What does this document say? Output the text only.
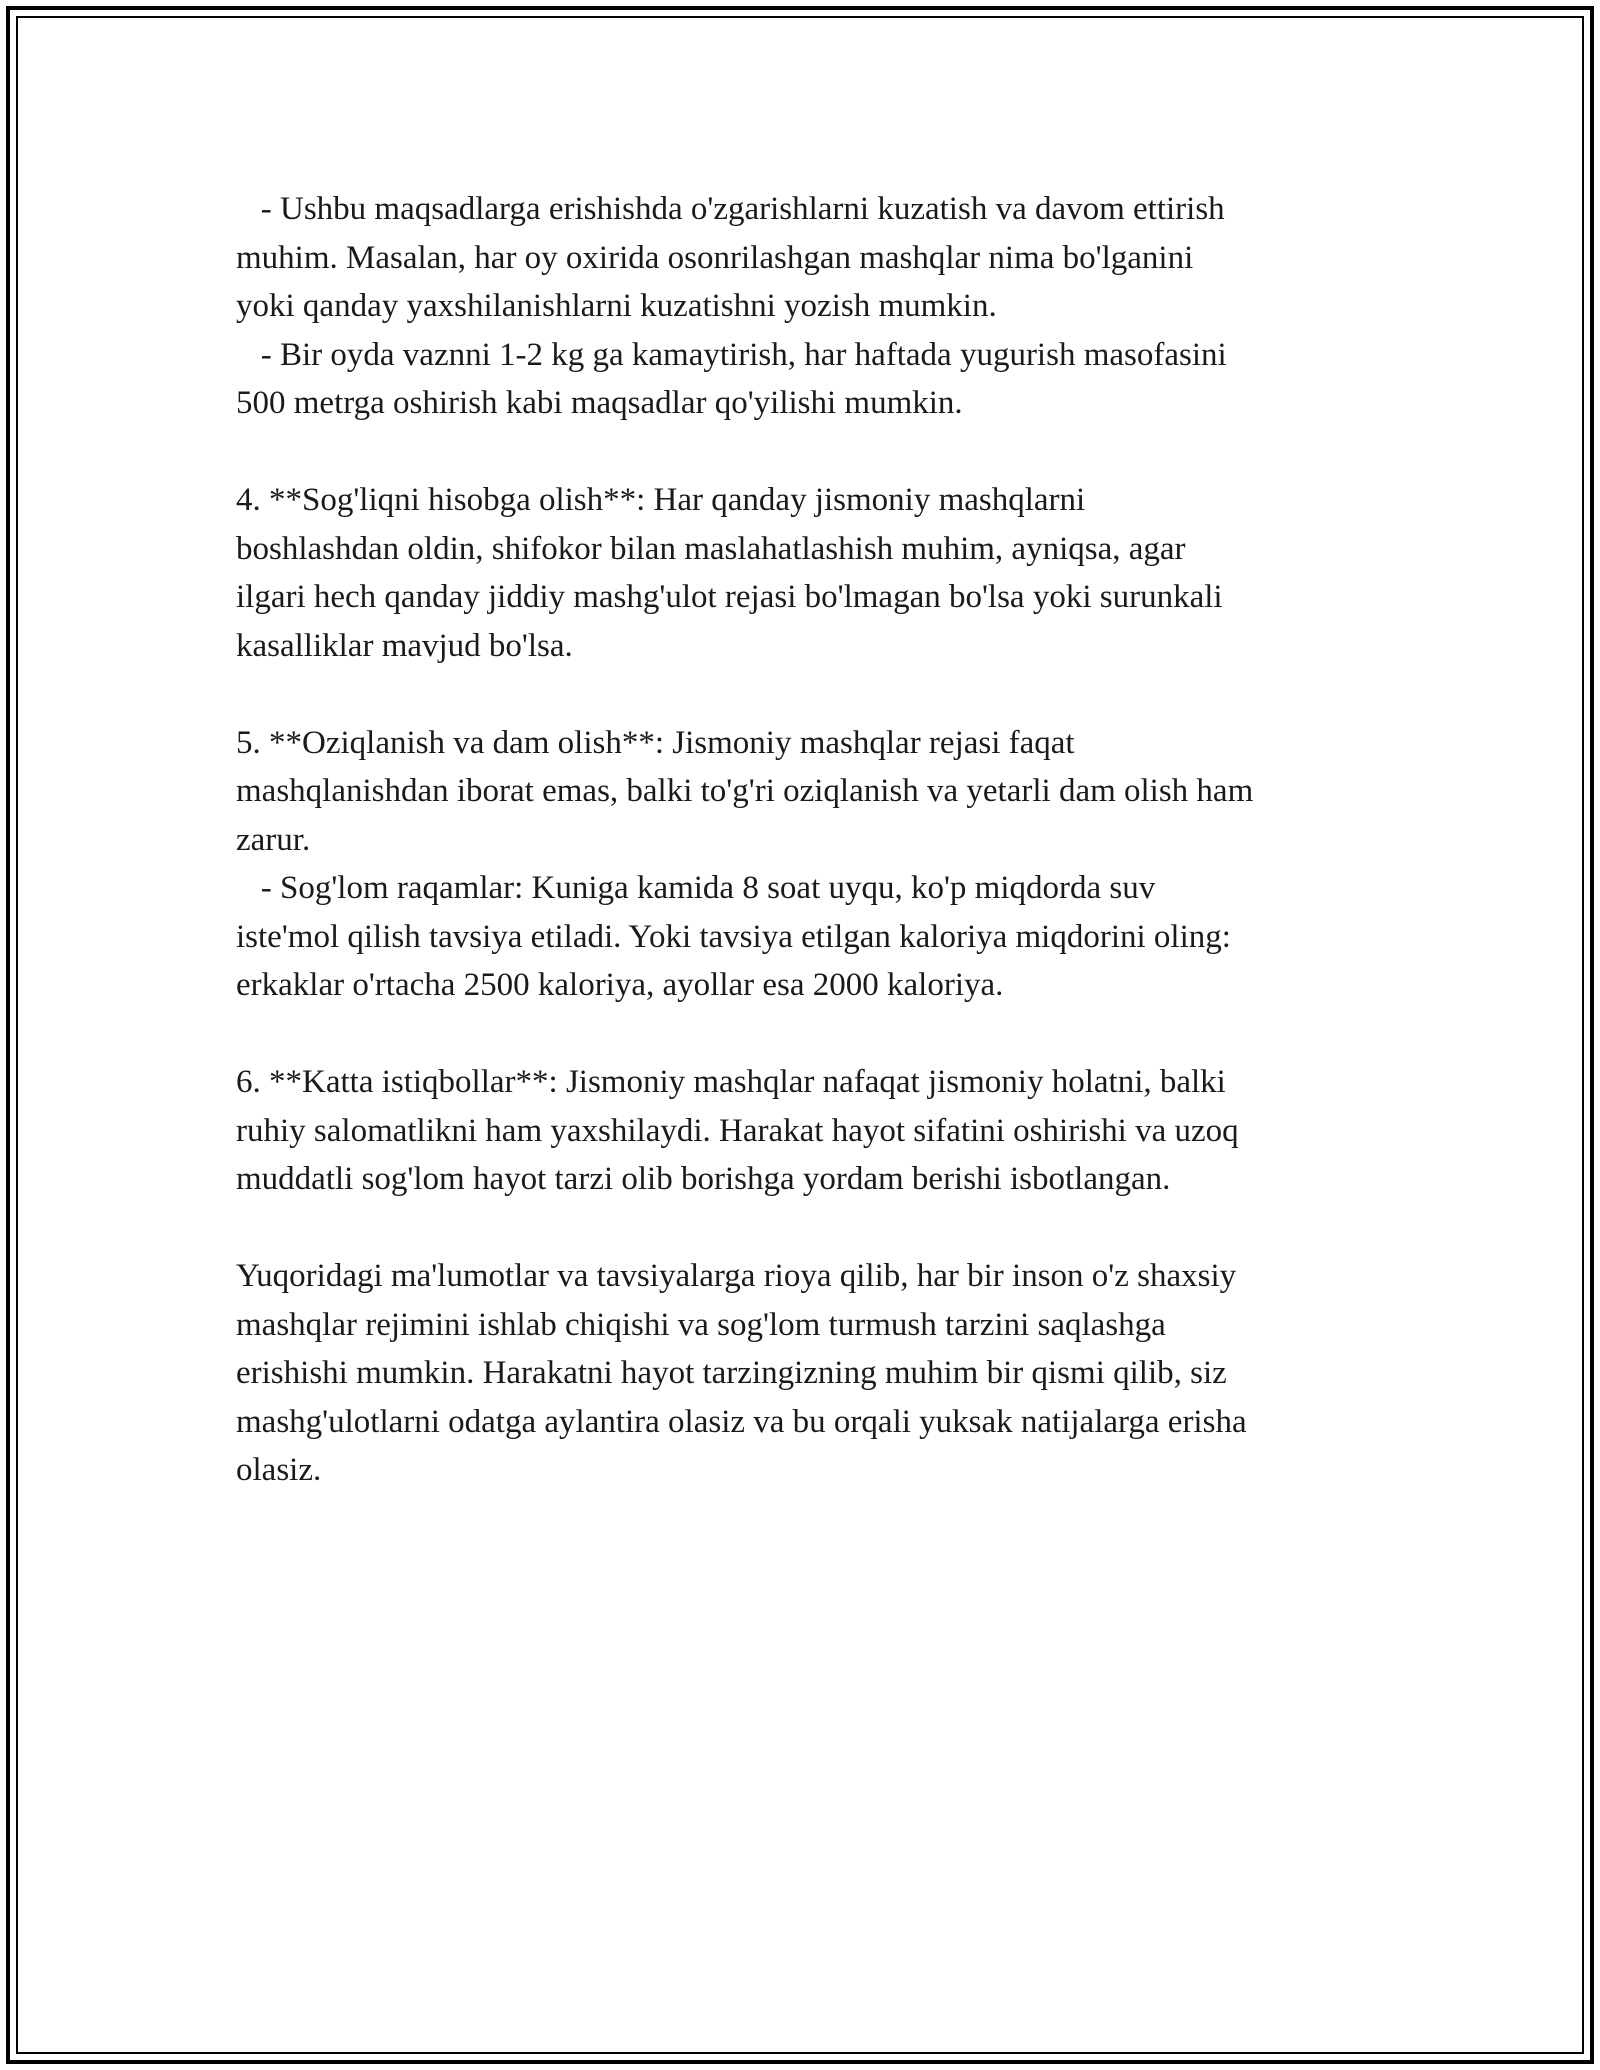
- Ushbu maqsadlarga erishishda o'zgarishlarni kuzatish va davom ettirish
muhim. Masalan, har oy oxirida osonrilashgan mashqlar nima bo'lganini
yoki qanday yaxshilanishlarni kuzatishni yozish mumkin.
- Bir oyda vaznni 1-2 kg ga kamaytirish, har haftada yugurish masofasini
500 metrga oshirish kabi maqsadlar qo'yilishi mumkin.
4. **Sog'liqni hisobga olish**: Har qanday jismoniy mashqlarni
boshlashdan oldin, shifokor bilan maslahatlashish muhim, ayniqsa, agar
ilgari hech qanday jiddiy mashg'ulot rejasi bo'lmagan bo'lsa yoki surunkali
kasalliklar mavjud bo'lsa.
5. **Oziqlanish va dam olish**: Jismoniy mashqlar rejasi faqat
mashqlanishdan iborat emas, balki to'g'ri oziqlanish va yetarli dam olish ham
zarur.
- Sog'lom raqamlar: Kuniga kamida 8 soat uyqu, ko'p miqdorda suv
iste'mol qilish tavsiya etiladi. Yoki tavsiya etilgan kaloriya miqdorini oling:
erkaklar o'rtacha 2500 kaloriya, ayollar esa 2000 kaloriya.
6. **Katta istiqbollar**: Jismoniy mashqlar nafaqat jismoniy holatni, balki
ruhiy salomatlikni ham yaxshilaydi. Harakat hayot sifatini oshirishi va uzoq
muddatli sog'lom hayot tarzi olib borishga yordam berishi isbotlangan.
Yuqoridagi ma'lumotlar va tavsiyalarga rioya qilib, har bir inson o'z shaxsiy
mashqlar rejimini ishlab chiqishi va sog'lom turmush tarzini saqlashga
erishishi mumkin. Harakatni hayot tarzingizning muhim bir qismi qilib, siz
mashg'ulotlarni odatga aylantira olasiz va bu orqali yuksak natijalarga erisha
olasiz.
